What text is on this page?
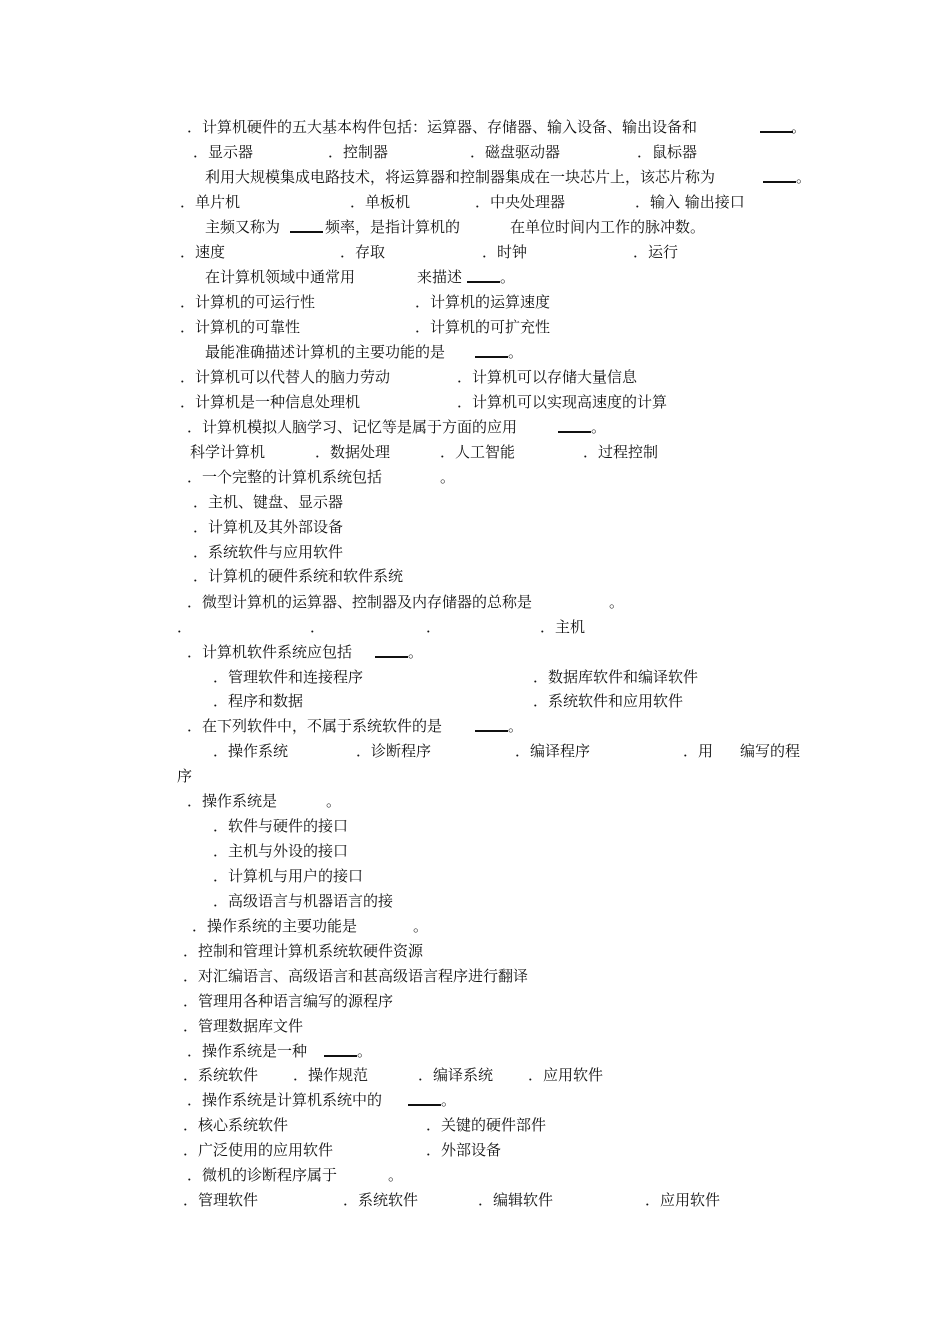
．计算机硬件的五大基本构件包括：运算器、存储器、输入设备、输出设备和	。
．显示器	．控制器	．磁盘驱动器	．鼠标器
利用大规模集成电路技术，将运算器和控制器集成在一块芯片上，该芯片称为	。
．单片机	．单板机	．中央处理器	．输入 输出接口
主频又称为	频率，是指计算机的	在单位时间内工作的脉冲数。
．速度	．存取	．时钟	．运行
在计算机领域中通常用	来描述	。
．计算机的可运行性	．计算机的运算速度
．计算机的可靠性	．计算机的可扩充性
最能准确描述计算机的主要功能的是	。
．计算机可以代替人的脑力劳动	．计算机可以存储大量信息
．计算机是一种信息处理机	．计算机可以实现高速度的计算
．计算机模拟人脑学习、记忆等是属于方面的应用	。
科学计算机	．数据处理	．人工智能	．过程控制
．一个完整的计算机系统包括	。
．主机、键盘、显示器
．计算机及其外部设备
．系统软件与应用软件
．计算机的硬件系统和软件系统
．微型计算机的运算器、控制器及内存储器的总称是	。
．	．	．	．主机
．计算机软件系统应包括	。
．管理软件和连接程序	．数据库软件和编译软件
．程序和数据	．系统软件和应用软件
．在下列软件中，不属于系统软件的是	。
．操作系统	．诊断程序	．编译程序	．用 编写的程
序
．操作系统是	。
．软件与硬件的接口
．主机与外设的接口
．计算机与用户的接口
．高级语言与机器语言的接
．操作系统的主要功能是	。
．控制和管理计算机系统软硬件资源
．对汇编语言、高级语言和甚高级语言程序进行翻译
．管理用各种语言编写的源程序
．管理数据库文件
．操作系统是一种	。
．系统软件 ．操作规范	．编译系统 ．应用软件
．操作系统是计算机系统中的	。
．核心系统软件	．关键的硬件部件
．广泛使用的应用软件	．外部设备
．微机的诊断程序属于	。
．管理软件	．系统软件	．编辑软件	．应用软件
